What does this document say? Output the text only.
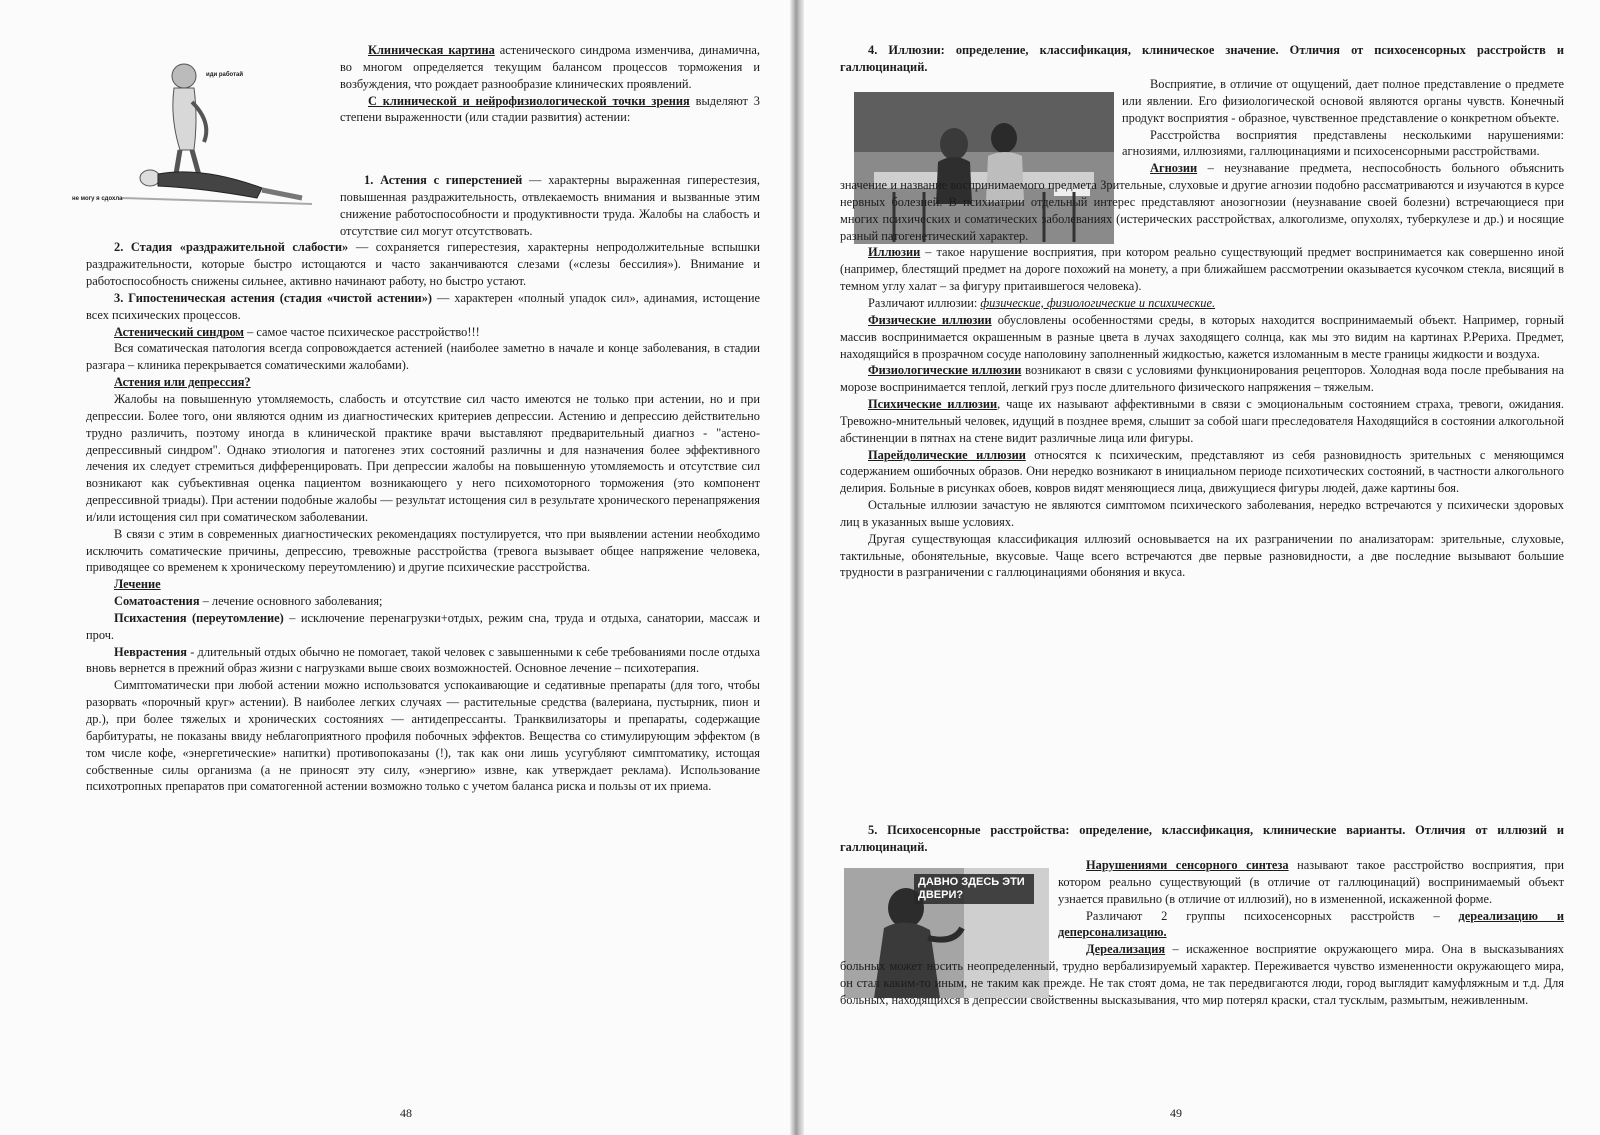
иди работай
не могу я сдохла

Клиническая картина астенического синдрома изменчива, динамична, во многом определяется текущим балансом процессов торможения и возбуждения, что рождает разнообразие клинических проявлений.

С клинической и нейрофизиологической точки зрения выделяют 3 степени выраженности (или стадии развития) астении:

1. Астения с гиперстенией — характерны выраженная гиперестезия, повышенная раздражительность, отвлекаемость внимания и вызванные этим снижение работоспособности и продуктивности труда. Жалобы на слабость и отсутствие сил могут отсутствовать.

2. Стадия «раздражительной слабости» — сохраняется гиперестезия, характерны непродолжительные вспышки раздражительности, которые быстро истощаются и часто заканчиваются слезами («слезы бессилия»). Внимание и работоспособность снижены сильнее, активно начинают работу, но быстро устают.

3. Гипостеническая астения (стадия «чистой астении») — характерен «полный упадок сил», адинамия, истощение всех психических процессов.

Астенический синдром – самое частое психическое расстройство!!!

Вся соматическая патология всегда сопровождается астенией (наиболее заметно в начале и конце заболевания, в стадии разгара – клиника перекрывается соматическими жалобами).

Астения или депрессия?

Жалобы на повышенную утомляемость, слабость и отсутствие сил часто имеются не только при астении, но и при депрессии. Более того, они являются одним из диагностических критериев депрессии. Астению и депрессию действительно трудно различить, поэтому иногда в клинической практике врачи выставляют предварительный диагноз - "астено-депрессивный синдром". Однако этиология и патогенез этих состояний различны и для назначения более эффективного лечения их следует стремиться дифференцировать. При депрессии жалобы на повышенную утомляемость и отсутствие сил возникают как субъективная оценка пациентом возникающего у него психомоторного торможения (это компонент депрессивной триады). При астении подобные жалобы — результат истощения сил в результате хронического перенапряжения и/или истощения сил при соматическом заболевании.

В связи с этим в современных диагностических рекомендациях постулируется, что при выявлении астении необходимо исключить соматические причины, депрессию, тревожные расстройства (тревога вызывает общее напряжение человека, приводящее со временем к хроническому переутомлению) и другие психические расстройства.

Лечение

Соматоастения – лечение основного заболевания;

Психастения (переутомление) – исключение перенагрузки+отдых, режим сна, труда и отдыха, санатории, массаж и проч.

Неврастения - длительный отдых обычно не помогает, такой человек с завышенными к себе требованиями после отдыха вновь вернется в прежний образ жизни с нагрузками выше своих возможностей. Основное лечение – психотерапия.

Симптоматически при любой астении можно использоватся успокаивающие и седативные препараты (для того, чтобы разорвать «порочный круг» астении). В наиболее легких случаях — растительные средства (валериана, пустырник, пион и др.), при более тяжелых и хронических состояниях — антидепрессанты. Транквилизаторы и препараты, содержащие барбитураты, не показаны ввиду неблагоприятного профиля побочных эффектов. Вещества со стимулирующим эффектом (в том числе кофе, «энергетические» напитки) противопоказаны (!), так как они лишь усугубляют симптоматику, истощая собственные силы организма (а не приносят эту силу, «энергию» извне, как утверждает реклама). Использование психотропных препаратов при соматогенной астении возможно только с учетом баланса риска и пользы от их приема.

48

4. Иллюзии: определение, классификация, клиническое значение. Отличия от психосенсорных расстройств и галлюцинаций.

Восприятие, в отличие от ощущений, дает полное представление о предмете или явлении. Его физиологической основой являются органы чувств. Конечный продукт восприятия - образное, чувственное представление о конкретном объекте.

Расстройства восприятия представлены несколькими нарушениями: агнозиями, иллюзиями, галлюцинациями и психосенсорными расстройствами.

Агнозии – неузнавание предмета, неспособность больного объяснить значение и название воспринимаемого предмета Зрительные, слуховые и другие агнозии подобно рассматриваются и изучаются в курсе нервных болезней. В психиатрии отдельный интерес представляют анозогнозии (неузнавание своей болезни) встречающиеся при многих психических и соматических заболеваниях (истерических расстройствах, алкоголизме, опухолях, туберкулезе и др.) и носящие разный патогенетический характер.

Иллюзии – такое нарушение восприятия, при котором реально существующий предмет воспринимается как совершенно иной (например, блестящий предмет на дороге похожий на монету, а при ближайшем рассмотрении оказывается кусочком стекла, висящий в темном углу халат – за фигуру притаившегося человека).

Различают иллюзии: физические, физиологические и психические.

Физические иллюзии обусловлены особенностями среды, в которых находится воспринимаемый объект. Например, горный массив воспринимается окрашенным в разные цвета в лучах заходящего солнца, как мы это видим на картинах Р.Рериха. Предмет, находящийся в прозрачном сосуде наполовину заполненный жидкостью, кажется изломанным в месте границы жидкости и воздуха.

Физиологические иллюзии возникают в связи с условиями функционирования рецепторов. Холодная вода после пребывания на морозе воспринимается теплой, легкий груз после длительного физического напряжения – тяжелым.

Психические иллюзии, чаще их называют аффективными в связи с эмоциональным состоянием страха, тревоги, ожидания. Тревожно-мнительный человек, идущий в позднее время, слышит за собой шаги преследователя Находящийся в состоянии алкогольной абстиненции в пятнах на стене видит различные лица или фигуры.

Парейдолические иллюзии относятся к психическим, представляют из себя разновидность зрительных с меняющимся содержанием ошибочных образов. Они нередко возникают в инициальном периоде психотических состояний, в частности алкогольного делирия. Больные в рисунках обоев, ковров видят меняющиеся лица, движущиеся фигуры людей, даже картины боя.

Остальные иллюзии зачастую не являются симптомом психического заболевания, нередко встречаются у психически здоровых лиц в указанных выше условиях.

Другая существующая классификация иллюзий основывается на их разграничении по анализаторам: зрительные, слуховые, тактильные, обонятельные, вкусовые. Чаще всего встречаются две первые разновидности, а две последние вызывают большие трудности в разграничении с галлюцинациями обоняния и вкуса.

5. Психосенсорные расстройства: определение, классификация, клинические варианты. Отличия от иллюзий и галлюцинаций.

ДАВНО ЗДЕСЬ ЭТИ ДВЕРИ?

Нарушениями сенсорного синтеза называют такое расстройство восприятия, при котором реально существующий (в отличие от галлюцинаций) воспринимаемый объект узнается правильно (в отличие от иллюзий), но в измененной, искаженной форме.

Различают 2 группы психосенсорных расстройств – дереализацию и деперсонализацию.

Дереализация – искаженное восприятие окружающего мира. Она в высказываниях больных может носить неопределенный, трудно вербализируемый характер. Переживается чувство измененности окружающего мира, он стал каким-то иным, не таким как прежде. Не так стоят дома, не так передвигаются люди, город выглядит камуфляжным и т.д. Для больных, находящихся в депрессии свойственны высказывания, что мир потерял краски, стал тусклым, размытым, неживленным.

49
